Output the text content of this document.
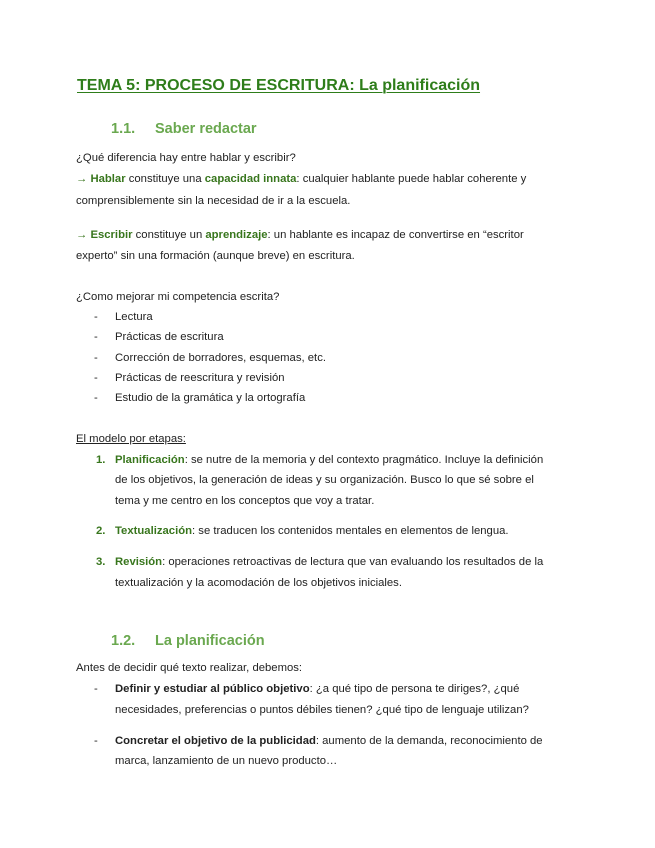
TEMA 5: PROCESO DE ESCRITURA: La planificación
1.1. Saber redactar
¿Qué diferencia hay entre hablar y escribir?
→ Hablar constituye una capacidad innata: cualquier hablante puede hablar coherente y
comprensiblemente sin la necesidad de ir a la escuela.
→ Escribir constituye un aprendizaje: un hablante es incapaz de convertirse en “escritor
experto” sin una formación (aunque breve) en escritura.
¿Como mejorar mi competencia escrita?
- Lectura
- Prácticas de escritura
- Corrección de borradores, esquemas, etc.
- Prácticas de reescritura y revisión
- Estudio de la gramática y la ortografía
El modelo por etapas:
1. Planificación: se nutre de la memoria y del contexto pragmático. Incluye la definición
de los objetivos, la generación de ideas y su organización. Busco lo que sé sobre el
tema y me centro en los conceptos que voy a tratar.
2. Textualización: se traducen los contenidos mentales en elementos de lengua.
3. Revisión: operaciones retroactivas de lectura que van evaluando los resultados de la
textualización y la acomodación de los objetivos iniciales.
1.2. La planificación
Antes de decidir qué texto realizar, debemos:
- Definir y estudiar al público objetivo: ¿a qué tipo de persona te diriges?, ¿qué
necesidades, preferencias o puntos débiles tienen? ¿qué tipo de lenguaje utilizan?
- Concretar el objetivo de la publicidad: aumento de la demanda, reconocimiento de
marca, lanzamiento de un nuevo producto…
